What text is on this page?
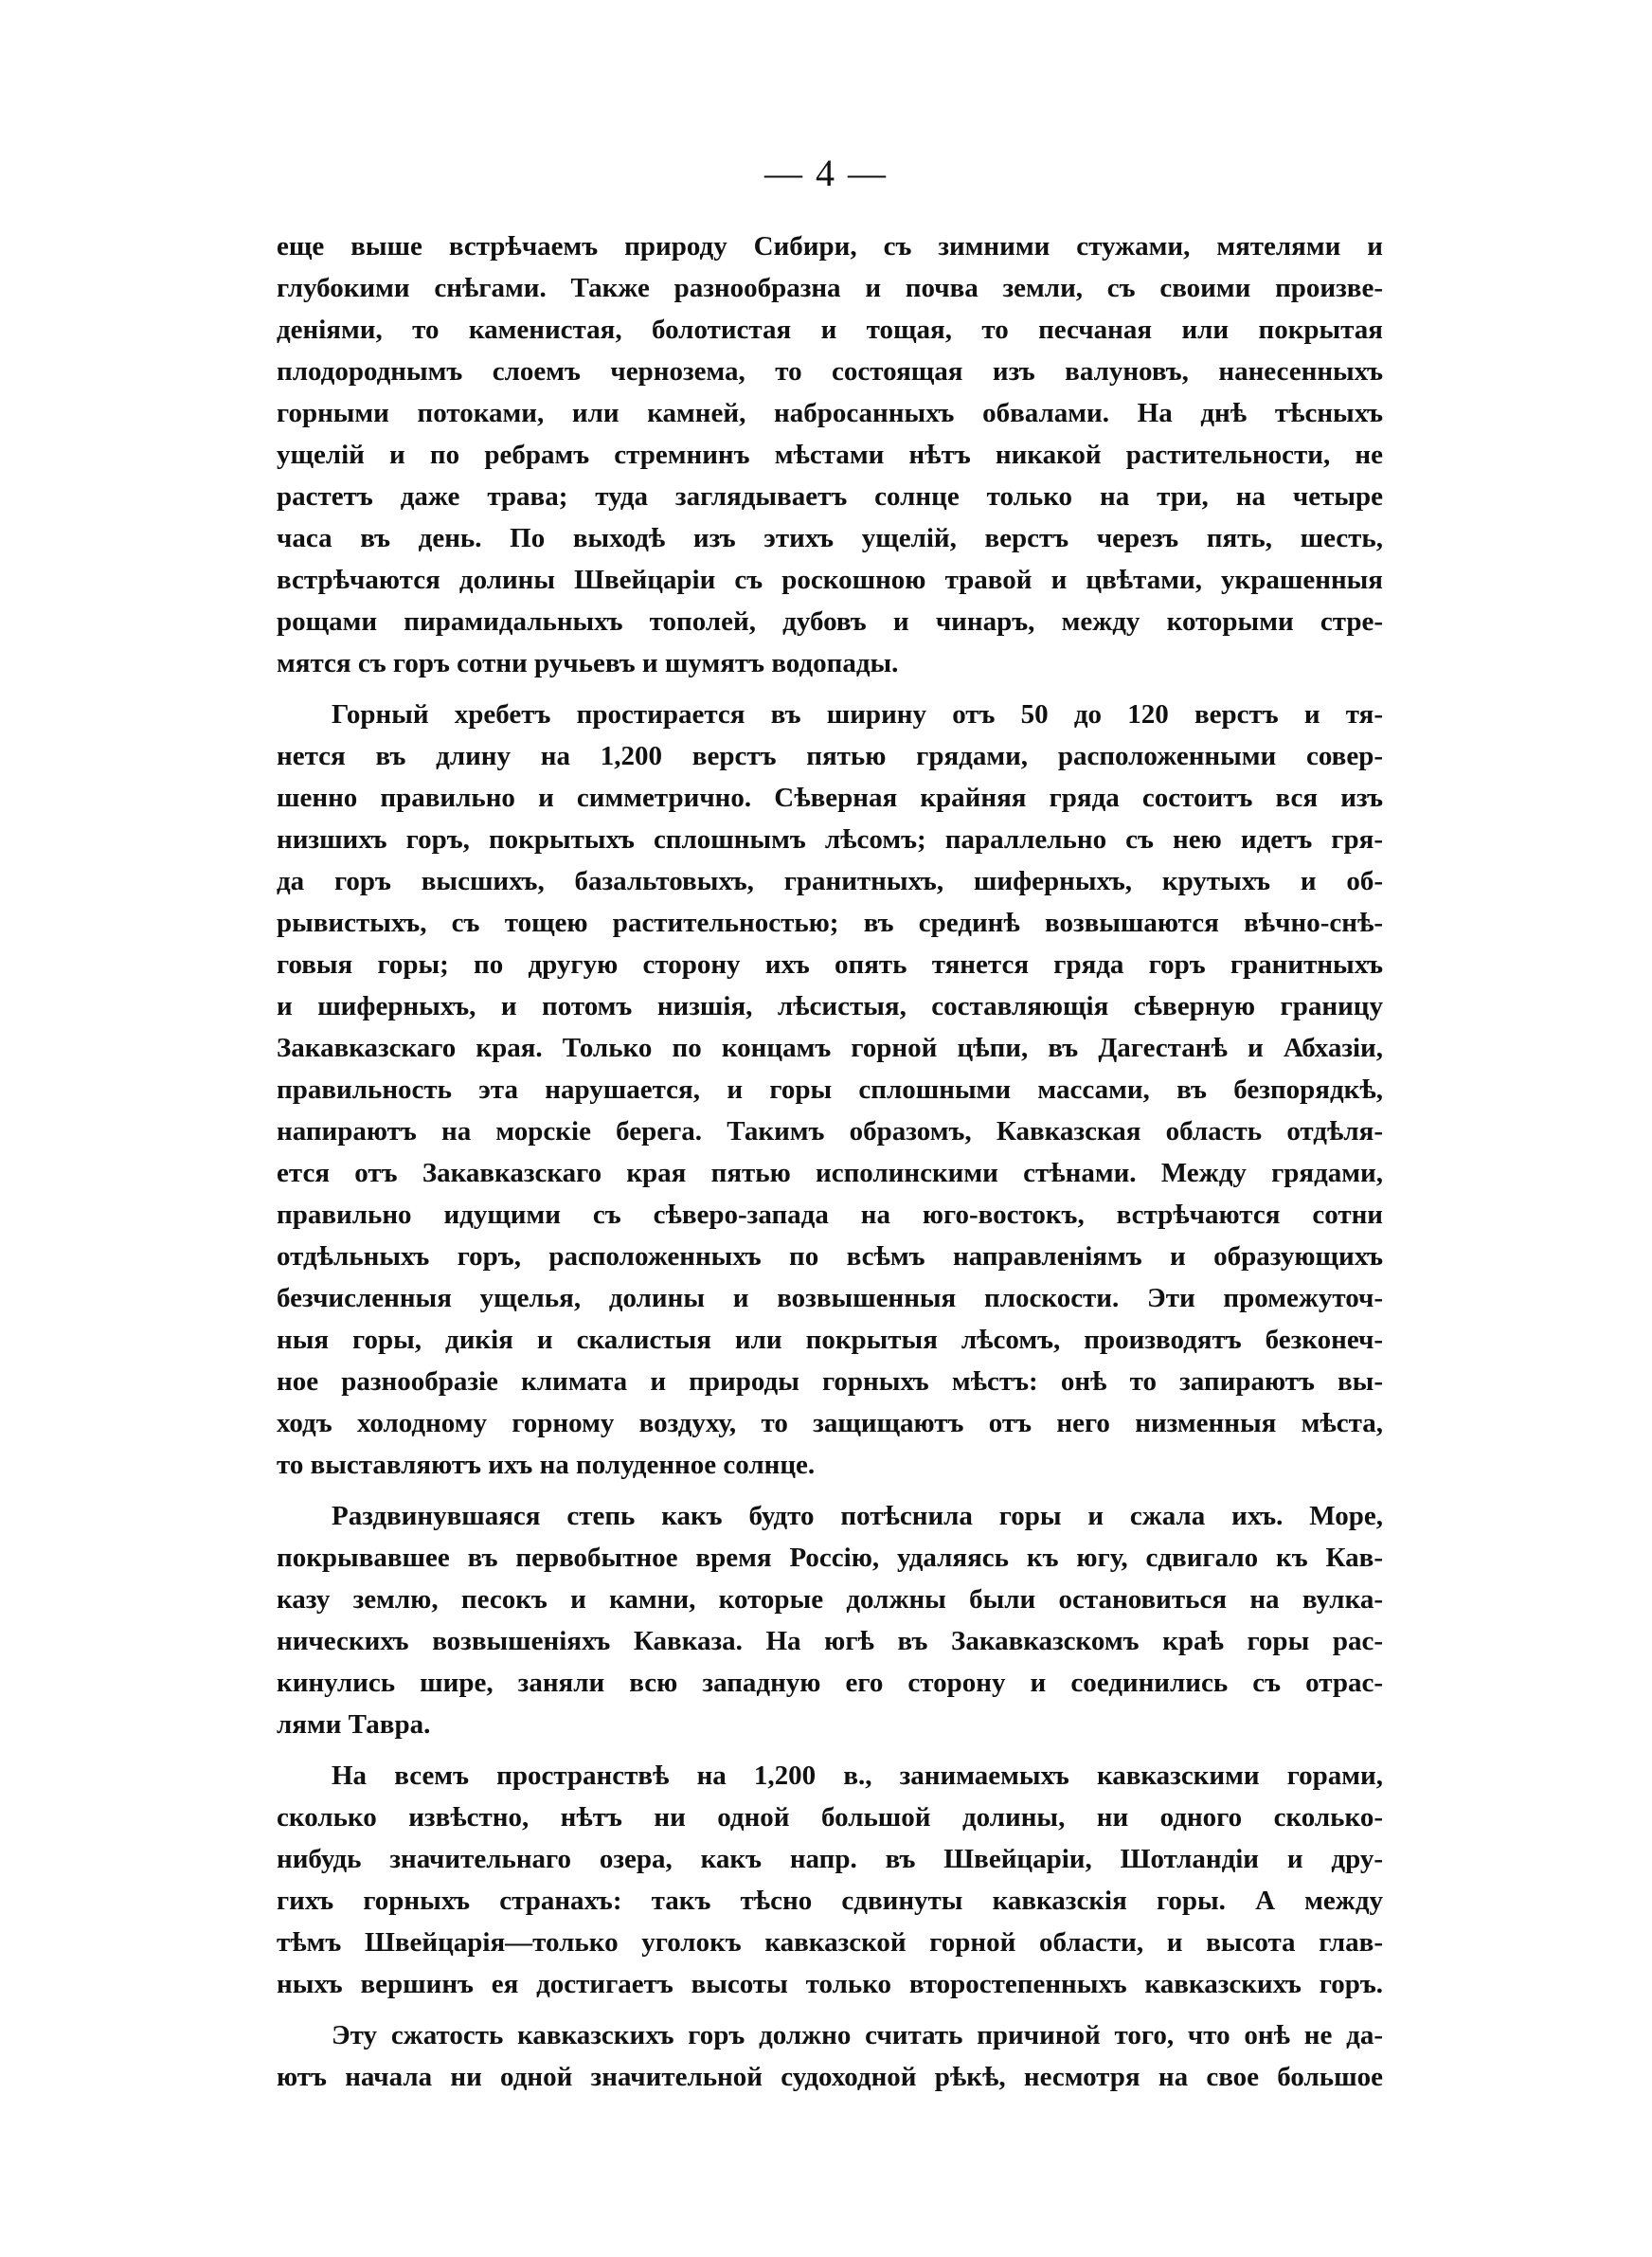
— 4 —
еще выше встрѣчаемъ природу Сибири, съ зимними стужами, мятелями и
глубокими снѣгами. Также разнообразна и почва земли, съ своими произве-
деніями, то каменистая, болотистая и тощая, то песчаная или покрытая
плодороднымъ слоемъ чернозема, то состоящая изъ валуновъ, нанесенныхъ
горными потоками, или камней, набросанныхъ обвалами. На днѣ тѣсныхъ
ущелій и по ребрамъ стремнинъ мѣстами нѣтъ никакой растительности, не
растетъ даже трава; туда заглядываетъ солнце только на три, на четыре
часа въ день. По выходѣ изъ этихъ ущелій, верстъ черезъ пять, шесть,
встрѣчаются долины Швейцаріи съ роскошною травой и цвѣтами, украшенныя
рощами пирамидальныхъ тополей, дубовъ и чинаръ, между которыми стре-
мятся съ горъ сотни ручьевъ и шумятъ водопады.
Горный хребетъ простирается въ ширину отъ 50 до 120 верстъ и тя-
нется въ длину на 1,200 верстъ пятью грядами, расположенными совер-
шенно правильно и симметрично. Сѣверная крайняя гряда состоитъ вся изъ
низшихъ горъ, покрытыхъ сплошнымъ лѣсомъ; параллельно съ нею идетъ гря-
да горъ высшихъ, базальтовыхъ, гранитныхъ, шиферныхъ, крутыхъ и об-
рывистыхъ, съ тощею растительностью; въ срединѣ возвышаются вѣчно-снѣ-
говыя горы; по другую сторону ихъ опять тянется гряда горъ гранитныхъ
и шиферныхъ, и потомъ низшія, лѣсистыя, составляющія сѣверную границу
Закавказскаго края. Только по концамъ горной цѣпи, въ Дагестанѣ и Абхазіи,
правильность эта нарушается, и горы сплошными массами, въ безпорядкѣ,
напираютъ на морскіе берега. Такимъ образомъ, Кавказская область отдѣля-
ется отъ Закавказскаго края пятью исполинскими стѣнами. Между грядами,
правильно идущими съ сѣверо-запада на юго-востокъ, встрѣчаются сотни
отдѣльныхъ горъ, расположенныхъ по всѣмъ направленіямъ и образующихъ
безчисленныя ущелья, долины и возвышенныя плоскости. Эти промежуточ-
ныя горы, дикія и скалистыя или покрытыя лѣсомъ, производятъ безконеч-
ное разнообразіе климата и природы горныхъ мѣстъ: онѣ то запираютъ вы-
ходъ холодному горному воздуху, то защищаютъ отъ него низменныя мѣста,
то выставляютъ ихъ на полуденное солнце.
Раздвинувшаяся степь какъ будто потѣснила горы и сжала ихъ. Море,
покрывавшее въ первобытное время Россію, удаляясь къ югу, сдвигало къ Кав-
казу землю, песокъ и камни, которые должны были остановиться на вулка-
ническихъ возвышеніяхъ Кавказа. На югѣ въ Закавказскомъ краѣ горы рас-
кинулись шире, заняли всю западную его сторону и соединились съ отрас-
лями Тавра.
На всемъ пространствѣ на 1,200 в., занимаемыхъ кавказскими горами,
сколько извѣстно, нѣтъ ни одной большой долины, ни одного сколько-
нибудь значительнаго озера, какъ напр. въ Швейцаріи, Шотландіи и дру-
гихъ горныхъ странахъ: такъ тѣсно сдвинуты кавказскія горы. А между
тѣмъ Швейцарія—только уголокъ кавказской горной области, и высота глав-
ныхъ вершинъ ея достигаетъ высоты только второстепенныхъ кавказскихъ горъ.
Эту сжатость кавказскихъ горъ должно считать причиной того, что онѣ не да-
ютъ начала ни одной значительной судоходной рѣкѣ, несмотря на свое большое
